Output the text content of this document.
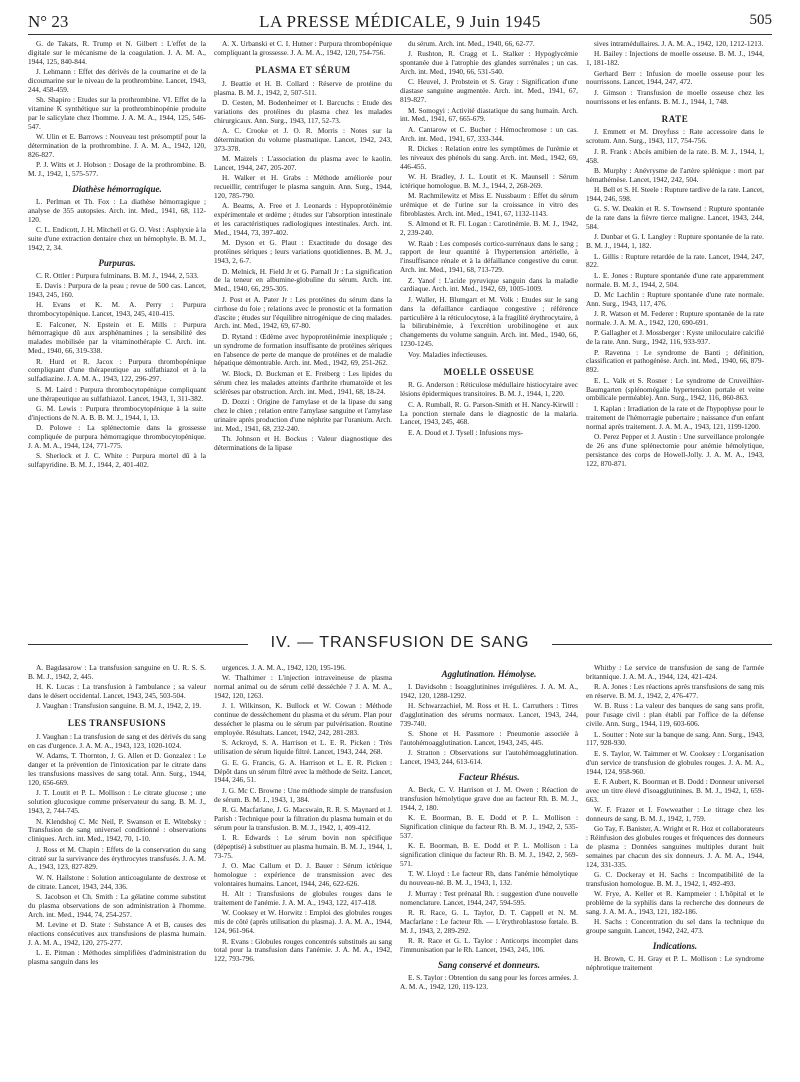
N° 23	LA PRESSE MÉDICALE, 9 Juin 1945	505
G. de Takats, R. Trump et N. Gilbert : L'effet de la digitale sur le mécanisme de la coagulation. J. A. M. A., 1944, 125, 840-844.
J. Lehmann : Effet des dérivés de la coumarine et de la dicoumarine sur le niveau de la prothrombine. Lancet, 1943, 244, 458-459.
Sh. Shapiro : Etudes sur la prothrombine. VI. Effet de la vitamine K synthétique sur la prothrombinopénie produite par le salicylate chez l'homme. J. A. M. A., 1944, 125, 546-547.
W. Ulin et E. Barrows : Nouveau test présomptif pour la détermination de la prothrombine. J. A. M. A., 1942, 120, 826-827.
P. J. Witts et J. Hobson : Dosage de la prothrombine. B. M. J., 1942, 1, 575-577.
Diathèse hémorragique.
L. Perlman et Th. Fox : La diathèse hémorragique ; analyse de 355 autopsies. Arch. int. Med., 1941, 68, 112-120.
C. L. Endicott, J. H. Mitchell et G. O. Vest : Asphyxie à la suite d'une extraction dentaire chez un hémophyle. B. M. J., 1942, 2, 34.
Purpuras.
C. R. Ottler : Purpura fulminans. B. M. J., 1944, 2, 533.
E. Davis : Purpura de la peau ; revue de 500 cas. Lancet, 1943, 245, 160.
H. Evans et K. M. A. Perry : Purpura thrombocytopénique. Lancet, 1943, 245, 410-415.
E. Falconer, N. Epstein et E. Mills : Purpura hémorragique dû aux arsphénamines ; la sensibilité des malades mobilisée par la vitaminothérapie C. Arch. int. Med., 1940, 66, 319-338.
R. Hurd et R. Jacox : Purpura thrombopénique compliquant d'une thérapeutique au sulfathiazol et à la sulfadiazine. J. A. M. A., 1943, 122, 296-297.
S. M. Laird : Purpura thrombocytopénique compliquant une thérapeutique au sulfathiazol. Lancet, 1943, 1, 311-382.
G. M. Lewis : Purpura thrombocytopénique à la suite d'injections de N. A. B. B. M. J., 1944, 1, 13.
D. Polowe : La splénectomie dans la grossesse compliquée de purpura hémorragique thrombocytopénique. J. A. M. A., 1944, 124, 771-775.
S. Sherlock et J. C. White : Purpura mortel dû à la sulfapyridine. B. M. J., 1944, 2, 401-402.
A. X. Urbanski et C. I. Hutner : Purpura thrombopénique compliquant la grossesse. J. A. M. A., 1942, 120, 754-756.
PLASMA ET SÉRUM
J. Beattie et H. B. Collard : Réserve de protéine du plasma. B. M. J., 1942, 2, 507-511.
D. Cesten, M. Bodenheimer et I. Barcuchs : Etude des variations des protéines du plasma chez les malades chirurgicaux. Ann. Surg., 1943, 117, 52-73.
A. C. Crooke et J. O. R. Morris : Notes sur la détermination du volume plasmatique. Lancet, 1942, 243, 373-378.
M. Maizels : L'association du plasma avec le kaolin. Lancet, 1944, 247, 205-207.
H. Walker et H. Grabs : Méthode améliorée pour recueillir, centrifuger le plasma sanguin. Ann. Surg., 1944, 120, 785-790.
A. Beams, A. Free et J. Leonards : Hypoprotéinémie expérimentale et œdème ; études sur l'absorption intestinale et les caractéristiques radiologiques intestinales. Arch. int. Med., 1944, 73, 397-402.
M. Dyson et G. Plaut : Exactitude du dosage des protéines sériques ; leurs variations quotidiennes. B. M. J., 1943, 2, 6-7.
D. Melnick, H. Field Jr et G. Parnall Jr : La signification de la teneur en albumine-globuline du sérum. Arch. int. Med., 1940, 66, 295-305.
J. Post et A. Pater Jr : Les protéines du sérum dans la cirrhose du foie ; relations avec le pronostic et la formation d'ascite ; études sur l'équilibre nitrogénique de cinq malades. Arch. int. Med., 1942, 69, 67-80.
D. Rytand : Œdème avec hypoprotéinémie inexpliquée ; un syndrome de formation insuffisante de protéines sériques en l'absence de perte de manque de protéines et de maladie hépatique démontrable. Arch. int. Med., 1942, 69, 251-262.
W. Block, D. Buckman et E. Freiberg : Les lipides du sérum chez les malades atteints d'arthrite rhumatoïde et les sclérèses par obstruction. Arch. int. Med., 1941, 68, 18-24.
D. Dozzi : Origine de l'amylase et de la lipase du sang chez le chien ; relation entre l'amylase sanguine et l'amylase urinaire après production d'une néphrite par l'uranium. Arch. int. Med., 1941, 68, 232-240.
Th. Johnson et H. Bockus : Valeur diagnostique des déterminations de la lipase
du sérum. Arch. int. Med., 1940, 66, 62-77.
J. Rushton, R. Cragg et L. Stalker : Hypoglycémie spontanée due à l'atrophie des glandes surrénales ; un cas. Arch. int. Med., 1940, 66, 531-540.
C. Heuvel, J. Probstein et S. Gray : Signification d'une diastase sanguine augmentée. Arch. int. Med., 1941, 67, 819-827.
M. Somogyi : Activité diastatique du sang humain. Arch. int. Med., 1941, 67, 665-679.
A. Cantarow et C. Bucher : Hémochromose : un cas. Arch. int. Med., 1941, 67, 333-344.
R. Dickes : Relation entre les symptômes de l'urémie et les niveaux des phénols du sang. Arch. int. Med., 1942, 69, 446-455.
W. H. Bradley, J. L. Loutit et K. Maunsell : Sérum ictérique homologue. B. M. J., 1944, 2, 268-269.
M. Rachmilewitz et Miss E. Nussbaum : Effet du sérum urémique et de l'urine sur la croissance in vitro des fibroblastes. Arch. int. Med., 1941, 67, 1132-1143.
S. Almond et R. Fl. Logan : Carotinémie. B. M. J., 1942, 2, 239-240.
W. Raab : Les composés cortico-surrénaux dans le sang ; rapport de leur quantité à l'hypertension artérielle, à l'insuffisance rénale et à la défaillance congestive du cœur. Arch. int. Med., 1941, 68, 713-729.
Z. Yanof : L'acide pyruvique sanguin dans la maladie cardiaque. Arch. int. Med., 1942, 69, 1005-1009.
J. Waller, H. Blumgart et M. Volk : Etudes sur le sang dans la défaillance cardiaque congestive ; référence particulière à la réticulocytose, à la fragilité érythrocytaire, à la bilirubinémie, à l'excrétion urobilinogène et aux changements du volume sanguin. Arch. int. Med., 1940, 66, 1230-1245.
Voy. Maladies infectieuses.
MOELLE OSSEUSE
R. G. Anderson : Réticulose médullaire histiocytaire avec lésions épidermiques transitoires. B. M. J., 1944, 1, 220.
C. A. Rumball, R. G. Parson-Smith et H. Nancy-Kirwill : La ponction sternale dans le diagnostic de la malaria. Lancet, 1943, 245, 468.
E. A. Doud et J. Tysell : Infusions mys-
sives intramédullaires. J. A. M. A., 1942, 120, 1212-1213.
H. Bailey : Injections de moelle osseuse. B. M. J., 1944, 1, 181-182.
Gerhard Berr : Infusion de moelle osseuse pour les nourrissons. Lancet, 1944, 247, 472.
J. Gimson : Transfusion de moelle osseuse chez les nourrissons et les enfants. B. M. J., 1944, 1, 748.
RATE
J. Emmett et M. Dreyfuss : Rate accessoire dans le scrotum. Ann. Surg., 1943, 117, 754-756.
J. R. Frank : Abcès amibien de la rate. B. M. J., 1944, 1, 458.
B. Murphy : Anévrysme de l'artère splénique : mort par hémathémèse. Lancet, 1942, 242, 504.
H. Bell et S. H. Steele : Rupture tardive de la rate. Lancet, 1944, 246, 598.
G. S. W. Deakin et R. S. Townsend : Rupture spontanée de la rate dans la fièvre tierce maligne. Lancet, 1943, 244, 584.
J. Dunbar et G. I. Langley : Rupture spontanée de la rate. B. M. J., 1944, 1, 182.
L. Gillis : Rupture retardée de la rate. Lancet, 1944, 247, 822.
L. E. Jones : Rupture spontanée d'une rate apparemment normale. B. M. J., 1944, 2, 504.
D. Mc Lachlin : Rupture spontanée d'une rate normale. Ann. Surg., 1943, 117, 476.
J. R. Watson et M. Federer : Rupture spontanée de la rate normale. J. A. M. A., 1942, 120, 690-691.
P. Gallagher et J. Mossberger : Kyste uniloculaire calcifié de la rate. Ann. Surg., 1942, 116, 933-937.
P. Ravenna : Le syndrome de Banti ; définition, classification et pathogénèse. Arch. int. Med., 1940, 66, 879-892.
E. L. Valk et S. Rosner : Le syndrome de Cruveilhier-Baumgarten (splénomégalie hypertension portale et veine ombilicale perméable). Ann. Surg., 1942, 116, 860-863.
I. Kaplan : Irradiation de la rate et de l'hypophyse pour le traitement de l'hémorragie pubertaire ; naissance d'un enfant normal après traitement. J. A. M. A., 1943, 121, 1199-1200.
O. Perez Pepper et J. Austin : Une surveillance prolongée de 26 ans d'une splénectomie pour anémie hémolytique, persistance des corps de Howell-Jolly. J. A. M. A., 1943, 122, 870-871.
IV. — TRANSFUSION DE SANG
A. Bagdasarow : La transfusion sanguine en U. R. S. S. B. M. J., 1942, 2, 445.
H. K. Lucas : La transfusion à l'ambulance ; sa valeur dans le désert occidental. Lancet, 1943, 245, 503-504.
J. Vaughan : Transfusion sanguine. B. M. J., 1942, 2, 19.
LES TRANSFUSIONS
J. Vaughan : La transfusion de sang et des dérivés du sang en cas d'urgence. J. A. M. A., 1943, 123, 1020-1024.
W. Adams, T. Thornton, J. G. Allen et D. Gonzalez : Le danger et la prévention de l'intoxication par le citrate dans les transfusions massives de sang total. Ann. Surg., 1944, 120, 656-669.
J. T. Loutit et P. L. Mollison : Le citrate glucose ; une solution glucosique comme préservateur du sang. B. M. J., 1943, 2, 744-745.
N. Klendshoj C. Mc Neil, P. Swanson et E. Witebsky : Transfusion de sang universel conditionné : observations cliniques. Arch. int. Med., 1942, 70, 1-10.
J. Ross et M. Chapin : Effets de la conservation du sang citraté sur la survivance des érythrocytes transfusés. J. A. M. A., 1943, 123, 827-829.
W. N. Hailstone : Solution anticoagulante de dextrose et de citrate. Lancet, 1943, 244, 336.
S. Jacobson et Ch. Smith : La gélatine comme substitut du plasma observations de son administration à l'homme. Arch. int. Med., 1944, 74, 254-257.
M. Levine et D. State : Substance A et B, causes des réactions consécutives aux transfusions de plasma humain. J. A. M. A., 1942, 120, 275-277.
L. E. Pitman : Méthodes simplifiées d'administration du plasma sanguin dans les
urgences. J. A. M. A., 1942, 120, 195-196.
W. Thalhimer : L'injection intraveineuse de plasma normal animal ou de sérum cellé desséchée ? J. A. M. A., 1942, 120, 1263.
J. I. Wilkinson, K. Bullock et W. Cowan : Méthode continue de dessèchement du plasma et du sérum. Plan pour dessécher le plasma ou le sérum par pulvérisation. Routine employée. Résultats. Lancet, 1942, 242, 281-283.
S. Ackroyd, S. A. Harrison et L. E. R. Picken : Très utilisation de sérum liquide filtré. Lancet, 1943, 244, 268.
G. E. G. Francis, G. A. Harrison et L. E. R. Picken : Dépôt dans un sérum filtré avec la méthode de Seitz. Lancet, 1944, 246, 51.
J. G. Mc C. Browne : Une méthode simple de transfusion de sérum. B. M. J., 1943, 1, 384.
R. G. Macfarlane, J. G. Macswain, R. R. S. Maynard et J. Parish : Technique pour la filtration du plasma humain et du sérum pour la transfusion. B. M. J., 1942, 1, 409-412.
I. R. Edwards : Le sérum bovin non spécifique (dépeptisé) à substituer au plasma humain. B. M. J., 1944, 1, 73-75.
J. O. Mac Callum et D. J. Bauer : Sérum ictérique homologue : expérience de transmission avec des volontaires humains. Lancet, 1944, 246, 622-626.
H. Alt : Transfusions de globules rouges dans le traitement de l'anémie. J. A. M. A., 1943, 122, 417-418.
W. Cooksey et W. Horwitz : Emploi des globules rouges mis de côté (après utilisation du plasma). J. A. M. A., 1944, 124, 961-964.
R. Evans : Globules rouges concentrés substitués au sang total pour la transfusion dans l'anémie. J. A. M. A., 1942, 122, 793-796.
Agglutination. Hémolyse.
I. Davidsohn : Isoagglutinines irrégulières. J. A. M. A., 1942, 120, 1288-1292.
H. Schwarzachiel, M. Ross et H. L. Carruthers : Titres d'agglutination des sérums normaux. Lancet, 1943, 244, 739-740.
S. Shone et H. Passmore : Pneumonie associée à l'autohémoagglutination. Lancet, 1943, 245, 445.
J. Stratton : Observations sur l'autohémoagglutination. Lancet, 1943, 244, 613-614.
Facteur Rhésus.
A. Beck, C. V. Harrison et J. M. Owen : Réaction de transfusion hémolytique grave due au facteur Rh. B. M. J., 1944, 2, 180.
K. E. Boorman, B. E. Dodd et P. L. Mollison : Signification clinique du facteur Rh. B. M. J., 1942, 2, 535-537.
K. E. Boorman, B. E. Dodd et P. L. Mollison : La signification clinique du facteur Rh. B. M. J., 1942, 2, 569-571.
T. W. Lloyd : Le facteur Rh, dans l'anémie hémolytique du nouveau-né. B. M. J., 1943, 1, 132.
J. Murray : Test prénatal Rh. : suggestion d'une nouvelle nomenclature. Lancet, 1944, 247, 594-595.
R. R. Race, G. L. Taylor, D. T. Cappell et N. M. Macfarlane : Le facteur Rh. — L'érythroblastose fœtale. B. M. J., 1943, 2, 289-292.
R. R. Race et G. L. Taylor : Anticorps incomplet dans l'immunisation par le Rh. Lancet, 1943, 245, 106.
Sang conservé et donneurs.
E. S. Taylor : Obtention du sang pour les forces armées. J. A. M. A., 1942, 120, 119-123.
Whitby : Le service de transfusion de sang de l'armée britannique. J. A. M. A., 1944, 124, 421-424.
R. A. Jones : Les réactions après transfusions de sang mis en réserve. B. M. J., 1942, 2, 476-477.
W. B. Russ : La valeur des banques de sang sans profit, pour l'usage civil : plan établi par l'office de la défense civile. Ann. Surg., 1944, 119, 603-606.
L. Soutter : Note sur la banque de sang. Ann. Surg., 1943, 117, 928-930.
E. S. Taylor, W. Taimmer et W. Cooksey : L'organisation d'un service de transfusion de globules rouges. J. A. M. A., 1944, 124, 958-960.
E. F. Aubert, K. Boorman et B. Dodd : Donneur universel avec un titre élevé d'isoagglutinines. B. M. J., 1942, 1, 659-663.
W. F. Frazer et I. Fowweather : Le titrage chez les donneurs de sang. B. M. J., 1942, 1, 759.
Go Tay, F. Banister, A. Wright et R. Hoz et collaborateurs : Réinfusion des globules rouges et fréquences des donneurs de plasma : Données sanguines multiples durant huit semaines par chacun des six donneurs. J. A. M. A., 1944, 124, 331-335.
G. C. Dockeray et H. Sachs : Incompatibilité de la transfusion homologue. B. M. J., 1942, 1, 492-493.
W. Frye, A. Keller et R. Kampmeier : L'hôpital et le problème de la syphilis dans la recherche des donneurs de sang. J. A. M. A., 1943, 121, 182-186.
H. Sachs : Concentration du sel dans la technique du groupe sanguin. Lancet, 1942, 242, 473.
Indications.
H. Brown, C. H. Gray et P. L. Mollison : Le syndrome néphrotique traitement
